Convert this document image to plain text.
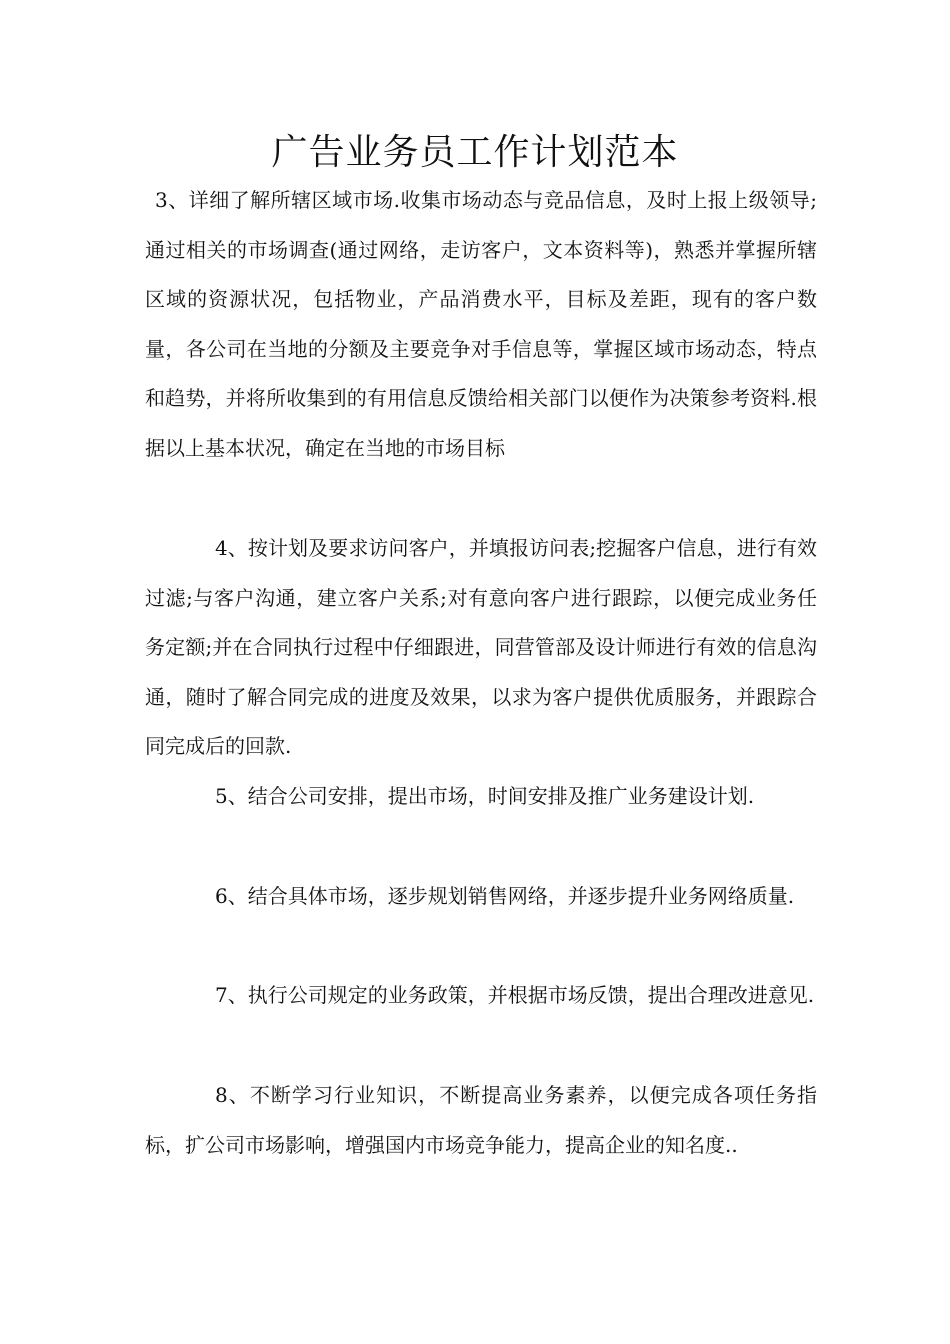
广告业务员工作计划范本

3、详细了解所辖区域市场.收集市场动态与竞品信息，及时上报上级领导;通过相关的市场调查(通过网络，走访客户，文本资料等)，熟悉并掌握所辖区域的资源状况，包括物业，产品消费水平，目标及差距，现有的客户数量，各公司在当地的分额及主要竞争对手信息等，掌握区域市场动态，特点和趋势，并将所收集到的有用信息反馈给相关部门以便作为决策参考资料.根据以上基本状况，确定在当地的市场目标

4、按计划及要求访问客户，并填报访问表;挖掘客户信息，进行有效过滤;与客户沟通，建立客户关系;对有意向客户进行跟踪，以便完成业务任务定额;并在合同执行过程中仔细跟进，同营管部及设计师进行有效的信息沟通，随时了解合同完成的进度及效果，以求为客户提供优质服务，并跟踪合同完成后的回款.

5、结合公司安排，提出市场，时间安排及推广业务建设计划.

6、结合具体市场，逐步规划销售网络，并逐步提升业务网络质量.

7、执行公司规定的业务政策，并根据市场反馈，提出合理改进意见.

8、不断学习行业知识，不断提高业务素养，以便完成各项任务指标，扩公司市场影响，增强国内市场竞争能力，提高企业的知名度..
